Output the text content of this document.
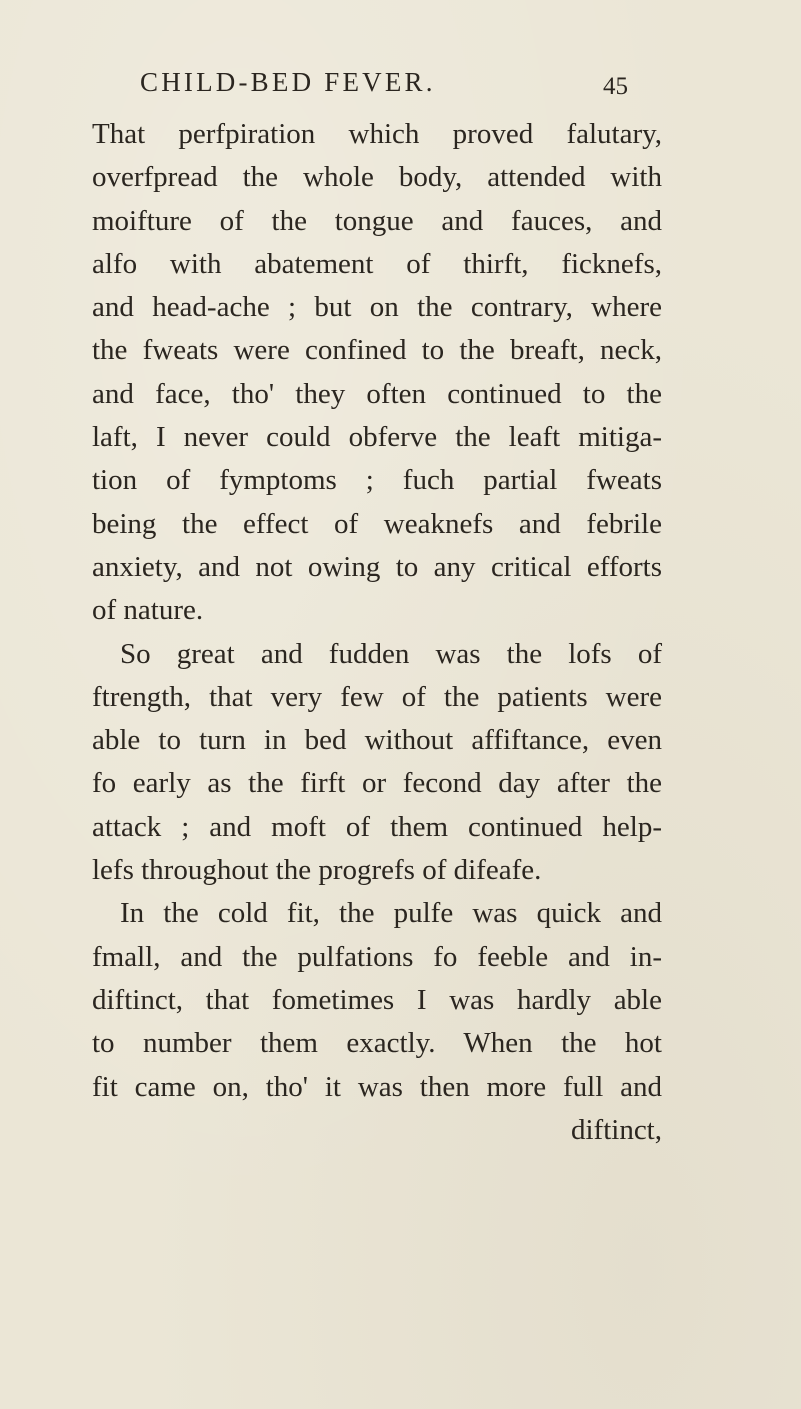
CHILD-BED FEVER.	45
That perfpiration which proved falutary,
overfpread the whole body, attended with
moifture of the tongue and fauces, and
alfo with abatement of thirft, ficknefs,
and head-ache ; but on the contrary, where
the fweats were confined to the breaft, neck,
and face, tho' they often continued to the
laft, I never could obferve the leaft mitiga-
tion of fymptoms ; fuch partial fweats
being the effect of weaknefs and febrile
anxiety, and not owing to any critical efforts
of nature.
So great and fudden was the lofs of
ftrength, that very few of the patients were
able to turn in bed without affiftance, even
fo early as the firft or fecond day after the
attack ; and moft of them continued help-
lefs throughout the progrefs of difeafe.
In the cold fit, the pulfe was quick and
fmall, and the pulfations fo feeble and in-
diftinct, that fometimes I was hardly able
to number them exactly. When the hot
fit came on, tho' it was then more full and
diftinct,
